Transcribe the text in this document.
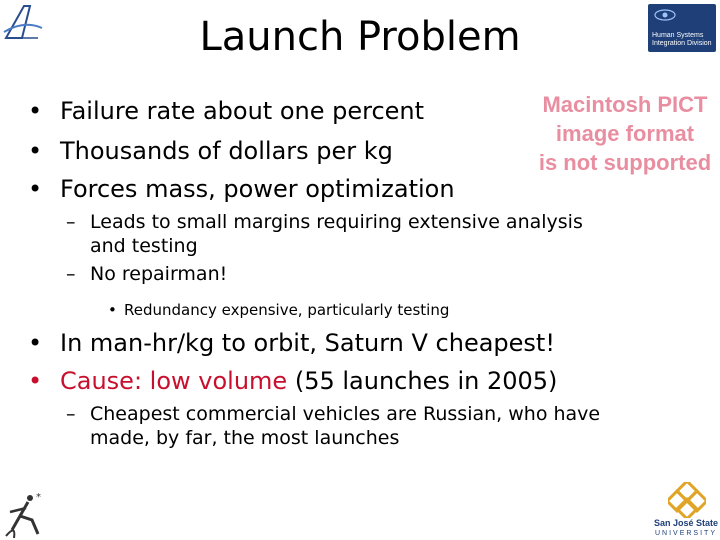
Human Systems
Integration Division
Launch Problem
• Failure rate about one percent
• Thousands of dollars per kg
• Forces mass, power optimization
Macintosh PICT
image format
is not supported
– Leads to small margins requiring extensive analysis and testing
– No repairman!
• Redundancy expensive, particularly testing
• In man-hr/kg to orbit, Saturn V cheapest!
• Cause: low volume (55 launches in 2005)
– Cheapest commercial vehicles are Russian, who have made, by far, the most launches
*
San José State
UNIVERSITY
